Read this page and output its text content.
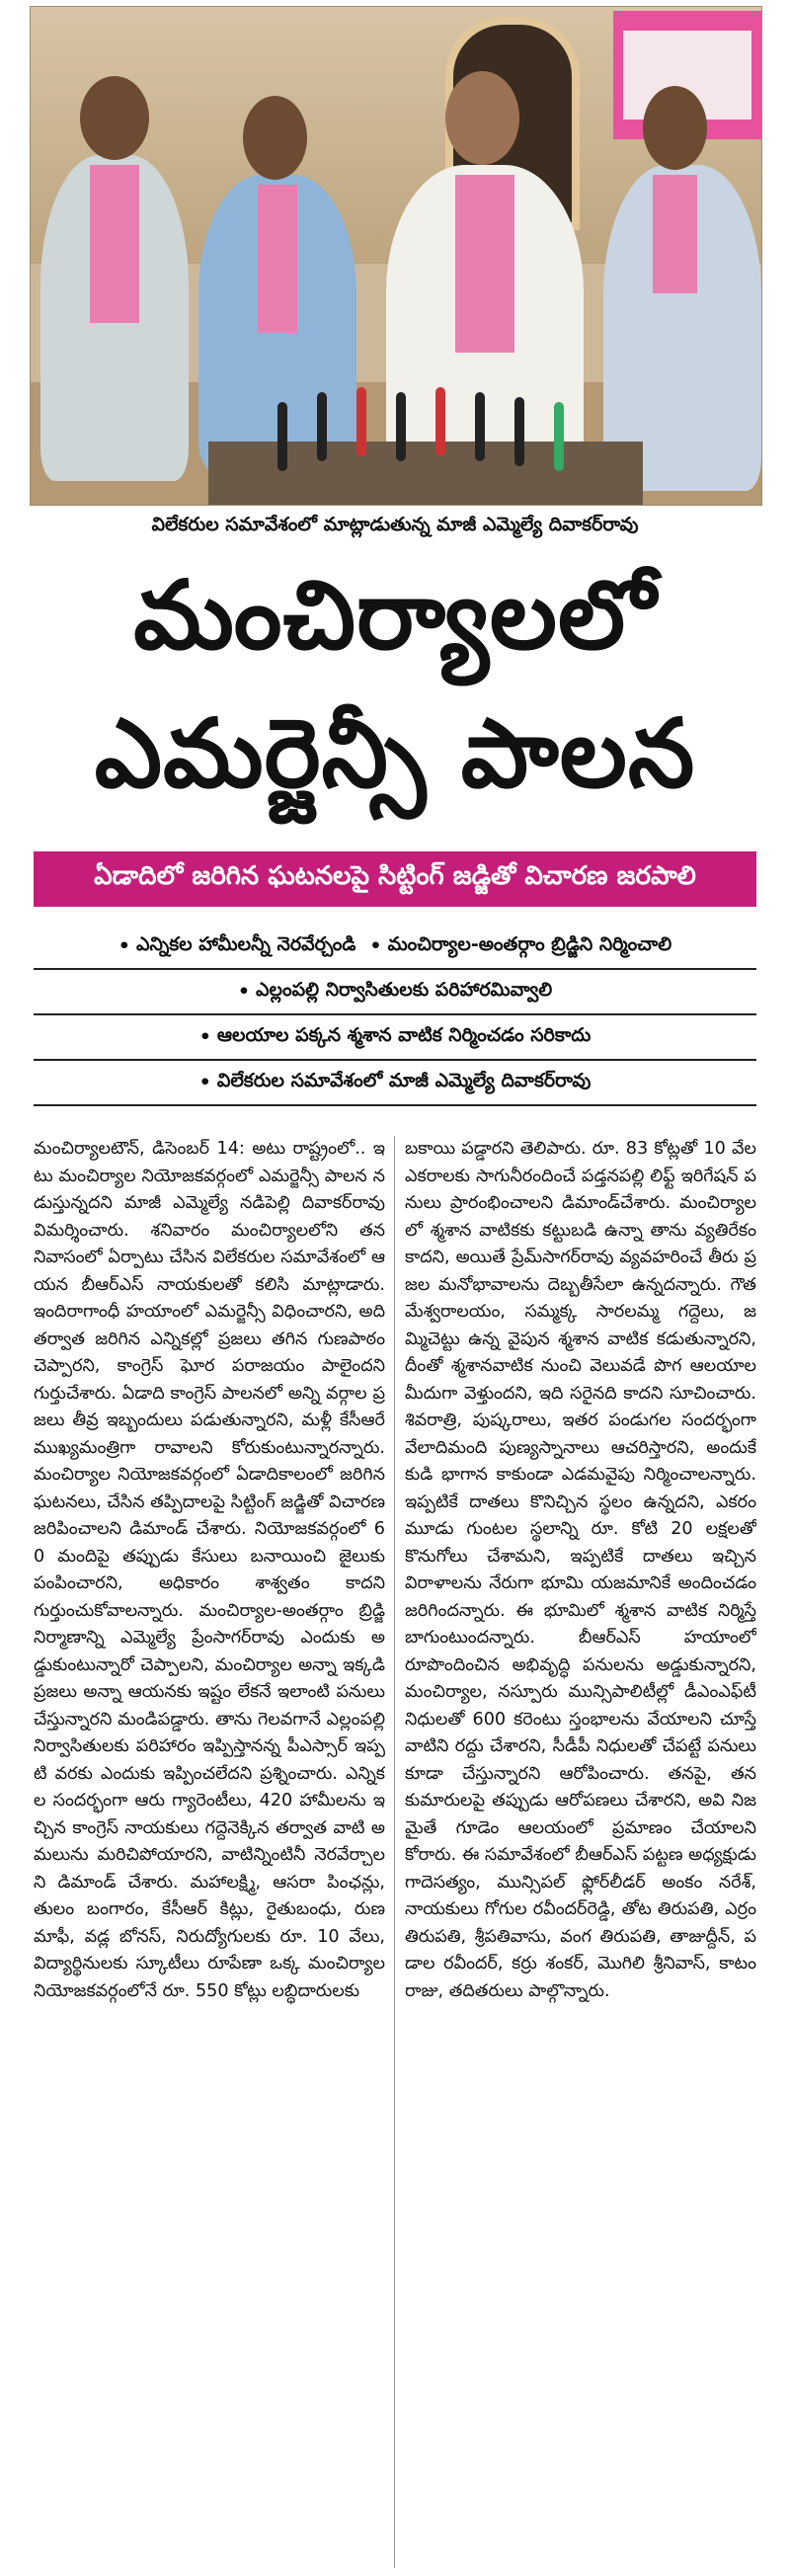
విలేకరుల సమావేశంలో మాట్లాడుతున్న మాజీ ఎమ్మెల్యే దివాకర్‌రావు
మంచిర్యాలలో
ఎమర్జెన్సీ పాలన
ఏడాదిలో జరిగిన ఘటనలపై సిట్టింగ్ జడ్జితో విచారణ జరపాలి
• ఎన్నికల హామీలన్నీ నెరవేర్చండి • మంచిర్యాల-అంతర్గాం బ్రిడ్జిని నిర్మించాలి
• ఎల్లంపల్లి నిర్వాసితులకు పరిహారమివ్వాలి
• ఆలయాల పక్కన శ్మశాన వాటిక నిర్మించడం సరికాదు
• విలేకరుల సమావేశంలో మాజీ ఎమ్మెల్యే దివాకర్‌రావు
మంచిర్యాలటౌన్, డిసెంబర్ 14: అటు రాష్ట్రంలో.. ఇటు మంచిర్యాల నియోజకవర్గంలో ఎమర్జెన్సీ పాలన నడుస్తున్నదని మాజీ ఎమ్మెల్యే నడిపెల్లి దివాకర్‌రావు విమర్శించారు. శనివారం మంచిర్యాలలోని తన నివాసంలో ఏర్పాటు చేసిన విలేకరుల సమావేశంలో ఆయన బీఆర్‌ఎస్ నాయకులతో కలిసి మాట్లాడారు. ఇందిరాగాంధీ హయాంలో ఎమర్జెన్సీ విధించారని, అది తర్వాత జరిగిన ఎన్నికల్లో ప్రజలు తగిన గుణపాఠం చెప్పారని, కాంగ్రెస్ ఘోర పరాజయం పాలైందని గుర్తుచేశారు. ఏడాది కాంగ్రెస్ పాలనలో అన్ని వర్గాల ప్రజలు తీవ్ర ఇబ్బందులు పడుతున్నారని, మళ్లీ కేసీఆరే ముఖ్యమంత్రిగా రావాలని కోరుకుంటున్నారన్నారు. మంచిర్యాల నియోజకవర్గంలో ఏడాదికాలంలో జరిగిన ఘటనలు, చేసిన తప్పిదాలపై సిట్టింగ్ జడ్జితో విచారణ జరిపించాలని డిమాండ్ చేశారు. నియోజకవర్గంలో 60 మందిపై తప్పుడు కేసులు బనాయించి జైలుకు పంపించారని, అధికారం శాశ్వతం కాదని గుర్తుంచుకోవాలన్నారు. మంచిర్యాల-అంతర్గాం బ్రిడ్జి నిర్మాణాన్ని ఎమ్మెల్యే ప్రేంసాగర్‌రావు ఎందుకు అడ్డుకుంటున్నారో చెప్పాలని, మంచిర్యాల అన్నా ఇక్కడి ప్రజలు అన్నా ఆయనకు ఇష్టం లేకనే ఇలాంటి పనులు చేస్తున్నారని మండిపడ్డారు. తాను గెలవగానే ఎల్లంపల్లి నిర్వాసితులకు పరిహారం ఇప్పిస్తానన్న పీఎస్సార్ ఇప్పటి వరకు ఎందుకు ఇప్పించలేదని ప్రశ్నించారు. ఎన్నికల సందర్భంగా ఆరు గ్యారెంటీలు, 420 హామీలను ఇచ్చిన కాంగ్రెస్ నాయకులు గద్దెనెక్కిన తర్వాత వాటి అమలును మరిచిపోయారని, వాటిన్నింటినీ నెరవేర్చాలని డిమాండ్ చేశారు. మహాలక్ష్మి, ఆసరా పింఛన్లు, తులం బంగారం, కేసీఆర్ కిట్లు, రైతుబంధు, రుణమాఫీ, వడ్ల బోనస్, నిరుద్యోగులకు రూ. 10 వేలు, విద్యార్థినులకు స్కూటీలు రూపేణా ఒక్క మంచిర్యాల నియోజకవర్గంలోనే రూ. 550 కోట్లు లబ్ధిదారులకు
బకాయి పడ్డారని తెలిపారు. రూ. 83 కోట్లతో 10 వేల ఎకరాలకు సాగునీరందించే పడ్తనపల్లి లిఫ్ట్ ఇరిగేషన్ పనులు ప్రారంభించాలని డిమాండ్‌చేశారు. మంచిర్యాలలో శ్మశాన వాటికకు కట్టుబడి ఉన్నా తాను వ్యతిరేకం కాదని, అయితే ప్రేమ్‌సాగర్‌రావు వ్యవహరించే తీరు ప్రజల మనోభావాలను దెబ్బతీసేలా ఉన్నదన్నారు. గౌతమేశ్వరాలయం, సమ్మక్క సారలమ్మ గద్దెలు, జమ్మిచెట్టు ఉన్న వైపున శ్మశాన వాటిక కడుతున్నారని, దీంతో శ్మశానవాటిక నుంచి వెలువడే పొగ ఆలయాల మీదుగా వెళ్తుందని, ఇది సరైనది కాదని సూచించారు. శివరాత్రి, పుష్కరాలు, ఇతర పండుగల సందర్భంగా వేలాదిమంది పుణ్యస్నానాలు ఆచరిస్తారని, అందుకే కుడి భాగాన కాకుండా ఎడమవైపు నిర్మించాలన్నారు. ఇప్పటికే దాతలు కొనిచ్చిన స్థలం ఉన్నదని, ఎకరం మూడు గుంటల స్థలాన్ని రూ. కోటి 20 లక్షలతో కొనుగోలు చేశామని, ఇప్పటికే దాతలు ఇచ్చిన విరాళాలను నేరుగా భూమి యజమానికే అందించడం జరిగిందన్నారు. ఈ భూమిలో శ్మశాన వాటిక నిర్మిస్తే బాగుంటుందన్నారు. బీఆర్‌ఎస్ హయాంలో రూపొందించిన అభివృద్ధి పనులను అడ్డుకున్నారని, మంచిర్యాల, నస్పూరు మున్సిపాలిటీల్లో డీఎంఎఫ్‌టీ నిధులతో 600 కరెంటు స్తంభాలను వేయాలని చూస్తే వాటిని రద్దు చేశారని, సీడీపీ నిధులతో చేపట్టే పనులు కూడా చేస్తున్నారని ఆరోపించారు. తనపై, తన కుమారులపై తప్పుడు ఆరోపణలు చేశారని, అవి నిజమైతే గూడెం ఆలయంలో ప్రమాణం చేయాలని కోరారు. ఈ సమావేశంలో బీఆర్‌ఎస్ పట్టణ అధ్యక్షుడు గాదెసత్యం, మున్సిపల్ ఫ్లోర్‌లీడర్ అంకం నరేశ్, నాయకులు గోగుల రవీందర్‌రెడ్డి, తోట తిరుపతి, ఎర్రం తిరుపతి, శ్రీపతివాసు, వంగ తిరుపతి, తాజుద్దీన్, పడాల రవీందర్, కర్రు శంకర్, మొగిలి శ్రీనివాస్, కాటం రాజు, తదితరులు పాల్గొన్నారు.
